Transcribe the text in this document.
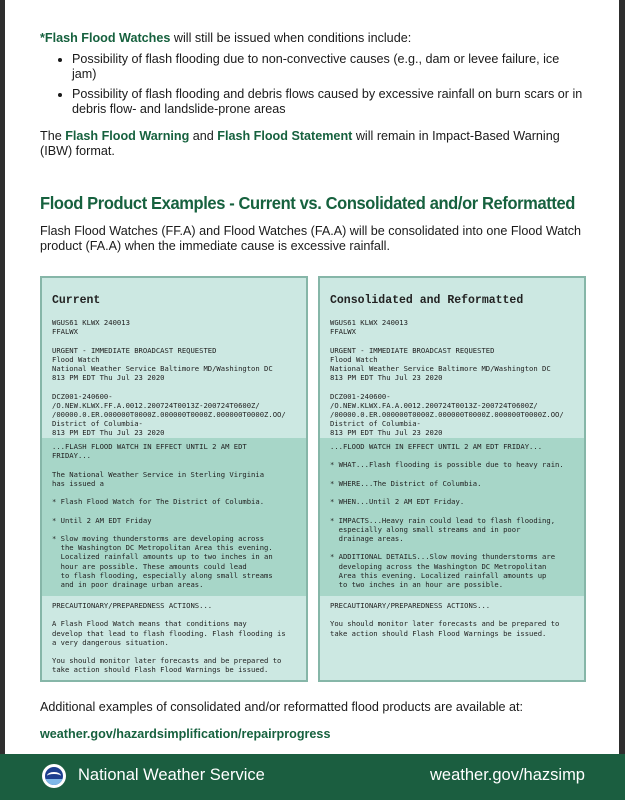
*Flash Flood Watches will still be issued when conditions include:
• Possibility of flash flooding due to non-convective causes (e.g., dam or levee failure, ice jam)
• Possibility of flash flooding and debris flows caused by excessive rainfall on burn scars or in debris flow- and landslide-prone areas
The Flash Flood Warning and Flash Flood Statement will remain in Impact-Based Warning (IBW) format.
Flood Product Examples - Current vs. Consolidated and/or Reformatted
Flash Flood Watches (FF.A) and Flood Watches (FA.A) will be consolidated into one Flood Watch product (FA.A) when the immediate cause is excessive rainfall.
Current
WGUS61 KLWX 240013
FFALWX

URGENT - IMMEDIATE BROADCAST REQUESTED
Flood Watch
National Weather Service Baltimore MD/Washington DC
813 PM EDT Thu Jul 23 2020

DCZ001-240600-
/O.NEW.KLWX.FF.A.0012.200724T0013Z-200724T0600Z/
/00000.0.ER.000000T0000Z.000000T0000Z.000000T0000Z.OO/
District of Columbia-
813 PM EDT Thu Jul 23 2020
...FLASH FLOOD WATCH IN EFFECT UNTIL 2 AM EDT
FRIDAY...

The National Weather Service in Sterling Virginia
has issued a

* Flash Flood Watch for The District of Columbia.

* Until 2 AM EDT Friday

* Slow moving thunderstorms are developing across
the Washington DC Metropolitan Area this evening.
Localized rainfall amounts up to two inches in an
hour are possible. These amounts could lead
to flash flooding, especially along small streams
and in poor drainage urban areas.
PRECAUTIONARY/PREPAREDNESS ACTIONS...

A Flash Flood Watch means that conditions may
develop that lead to flash flooding. Flash flooding is
a very dangerous situation.

You should monitor later forecasts and be prepared to
take action should Flash Flood Warnings be issued.
Consolidated and Reformatted
WGUS61 KLWX 240013
FFALWX

URGENT - IMMEDIATE BROADCAST REQUESTED
Flood Watch
National Weather Service Baltimore MD/Washington DC
813 PM EDT Thu Jul 23 2020

DCZ001-240600-
/O.NEW.KLWX.FA.A.0012.200724T0013Z-200724T0600Z/
/00000.0.ER.000000T0000Z.000000T0000Z.000000T0000Z.OO/
District of Columbia-
813 PM EDT Thu Jul 23 2020
...FLOOD WATCH IN EFFECT UNTIL 2 AM EDT FRIDAY...

* WHAT...Flash flooding is possible due to heavy rain.

* WHERE...The District of Columbia.

* WHEN...Until 2 AM EDT Friday.

* IMPACTS...Heavy rain could lead to flash flooding,
especially along small streams and in poor
drainage areas.

* ADDITIONAL DETAILS...Slow moving thunderstorms are
developing across the Washington DC Metropolitan
Area this evening. Localized rainfall amounts up
to two inches in an hour are possible.
PRECAUTIONARY/PREPAREDNESS ACTIONS...

You should monitor later forecasts and be prepared to
take action should Flash Flood Warnings be issued.
Additional examples of consolidated and/or reformatted flood products are available at:
weather.gov/hazardsimplification/repairprogress
National Weather Service	weather.gov/hazsimp
